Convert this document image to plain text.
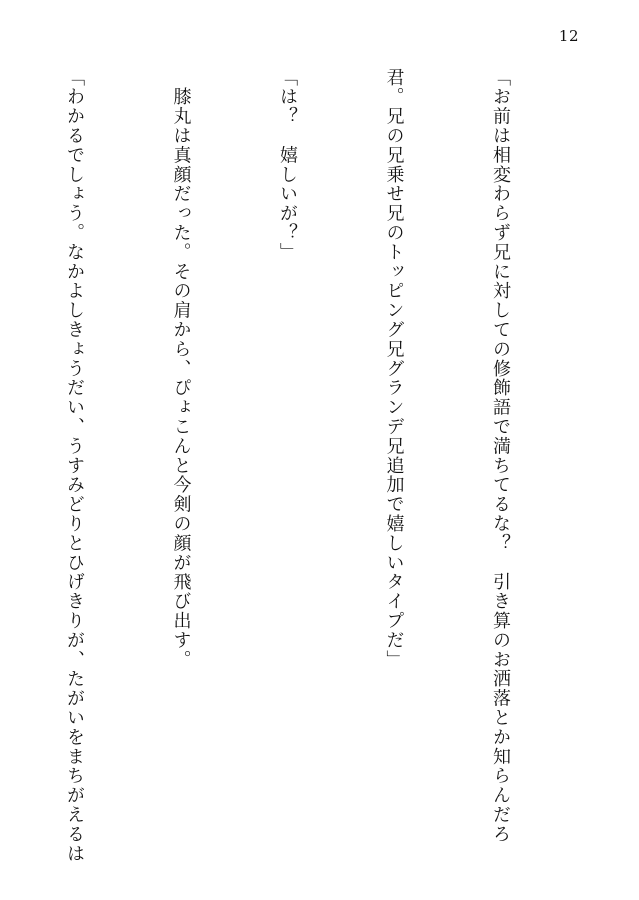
12

「お前は相変わらず兄に対しての修飾語で満ちてるな？　引き算のお洒落とか知らんだろ

君。兄の兄乗せ兄のトッピング兄グランデ兄追加で嬉しいタイプだ」

「は？　嬉しいが？」

　膝丸は真顔だった。その肩から、ぴょこんと今剣の顔が飛び出す。

「わかるでしょう。なかよしきょうだい、うすみどりとひげきりが、たがいをまちがえるは
